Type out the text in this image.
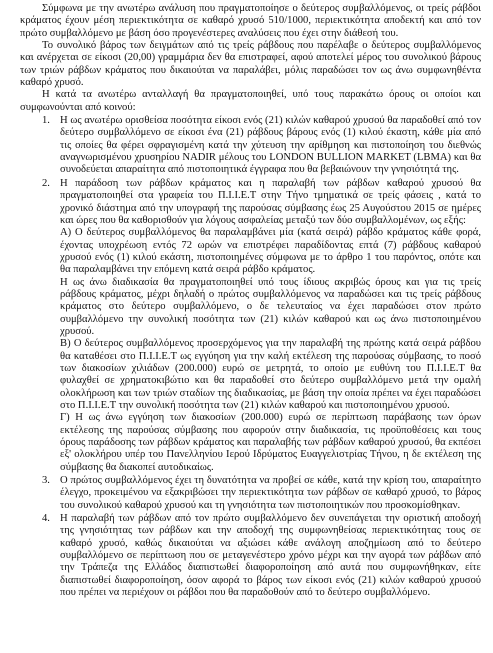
Σύμφωνα με την ανωτέρω ανάλυση που πραγματοποίησε ο δεύτερος συμβαλλόμενος, οι τρείς ράβδοι κράματος έχουν μέση περιεκτικότητα σε καθαρό χρυσό 510/1000, περιεκτικότητα αποδεκτή και από τον πρώτο συμβαλλόμενο με βάση όσο προγενέστερες αναλύσεις που έχει στην διάθεσή του.

Το συνολικό βάρος των δειγμάτων από τις τρείς ράβδους που παρέλαβε ο δεύτερος συμβαλλόμενος και ανέρχεται σε είκοσι (20,00) γραμμάρια δεν θα επιστραφεί, αφού αποτελεί μέρος του συνολικού βάρους των τριών ράβδων κράματος που δικαιούται να παραλάβει, μόλις παραδώσει τον ως άνω συμφωνηθέντα καθαρό χρυσό.

Η κατά τα ανωτέρω ανταλλαγή θα πραγματοποιηθεί, υπό τους παρακάτω όρους οι οποίοι και συμφωνούνται από κοινού:

1. Η ως ανωτέρω ορισθείσα ποσότητα είκοσι ενός (21) κιλών καθαρού χρυσού θα παραδοθεί από τον δεύτερο συμβαλλόμενο σε είκοσι ένα (21) ράβδους βάρους ενός (1) κιλού έκαστη, κάθε μία από τις οποίες θα φέρει σφραγισμένη κατά την χύτευση την αρίθμηση και πιστοποίηση του διεθνώς αναγνωρισμένου χρυσηρίου NADIR μέλους του LONDON BULLION MARKET (LBMA) και θα συνοδεύεται απαραίτητα από πιστοποιητικά έγγραφα που θα βεβαιώνουν την γνησιότητά της.

2. Η παράδοση των ράβδων κράματος και η παραλαβή των ράβδων καθαρού χρυσού θα πραγματοποιηθεί στα γραφεία του Π.Ι.Ι.Ε.Τ στην Τήνο τμηματικά σε τρείς φάσεις , κατά το χρονικό διάστημα από την υπογραφή της παρούσας σύμβασης έως 25 Αυγούστου 2015 σε ημέρες και ώρες που θα καθορισθούν για λόγους ασφαλείας μεταξύ των δύο συμβαλλομένων, ως εξής:

Α) Ο δεύτερος συμβαλλόμενος θα παραλαμβάνει μία (κατά σειρά) ράβδο κράματος κάθε φορά, έχοντας υποχρέωση εντός 72 ωρών να επιστρέφει παραδίδοντας επτά (7) ράβδους καθαρού χρυσού ενός (1) κιλού εκάστη, πιστοποιημένες σύμφωνα με το άρθρο 1 του παρόντος, οπότε και θα παραλαμβάνει την επόμενη κατά σειρά ράβδο κράματος.

Η ως άνω διαδικασία θα πραγματοποιηθεί υπό τους ίδιους ακριβώς όρους και για τις τρείς ράβδους κράματος, μέχρι δηλαδή ο πρώτος συμβαλλόμενος να παραδώσει και τις τρείς ράβδους κράματος στο δεύτερο συμβαλλόμενο, ο δε τελευταίος να έχει παραδώσει στον πρώτο συμβαλλόμενο την συνολική ποσότητα των (21) κιλών καθαρού και ως άνω πιστοποιημένου χρυσού.

Β) Ο δεύτερος συμβαλλόμενος προσερχόμενος για την παραλαβή της πρώτης κατά σειρά ράβδου θα καταθέσει στο Π.Ι.Ι.Ε.Τ ως εγγύηση για την καλή εκτέλεση της παρούσας σύμβασης, το ποσό των διακοσίων χιλιάδων (200.000) ευρώ σε μετρητά, το οποίο με ευθύνη του Π.Ι.Ι.Ε.Τ θα φυλαχθεί σε χρηματοκιβώτιο και θα παραδοθεί στο δεύτερο συμβαλλόμενο μετά την ομαλή ολοκλήρωση και των τριών σταδίων της διαδικασίας, με βάση την οποία πρέπει να έχει παραδώσει στο Π.Ι.Ι.Ε.Τ την συνολική ποσότητα των (21) κιλών καθαρού και πιστοποιημένου χρυσού.

Γ) Η ως άνω εγγύηση των διακοσίων (200.000) ευρώ σε περίπτωση παράβασης των όρων εκτέλεσης της παρούσας σύμβασης που αφορούν στην διαδικασία, τις προϋποθέσεις και τους όρους παράδοσης των ράβδων κράματος και παραλαβής των ράβδων καθαρού χρυσού, θα εκπέσει εξ' ολοκλήρου υπέρ του Πανελληνίου Ιερού Ιδρύματος Ευαγγελιστρίας Τήνου, η δε εκτέλεση της σύμβασης θα διακοπεί αυτοδικαίως.

3. Ο πρώτος συμβαλλόμενος έχει τη δυνατότητα να προβεί σε κάθε, κατά την κρίση του, απαραίτητο έλεγχο, προκειμένου να εξακριβώσει την περιεκτικότητα των ράβδων σε καθαρό χρυσό, το βάρος του συνολικού καθαρού χρυσού και τη γνησιότητα των πιστοποιητικών που προσκομίσθηκαν.

4. Η παραλαβή των ράβδων από τον πρώτο συμβαλλόμενο δεν συνεπάγεται την οριστική αποδοχή της γνησιότητας των ράβδων και την αποδοχή της συμφωνηθείσας περιεκτικότητας τους σε καθαρό χρυσό, καθώς δικαιούται να αξιώσει κάθε ανάλογη αποζημίωση από το δεύτερο συμβαλλόμενο σε περίπτωση που σε μεταγενέστερο χρόνο μέχρι και την αγορά των ράβδων από την Τράπεζα της Ελλάδος διαπιστωθεί διαφοροποίηση από αυτά που συμφωνήθηκαν, είτε διαπιστωθεί διαφοροποίηση, όσον αφορά το βάρος των είκοσι ενός (21) κιλών καθαρού χρυσού που πρέπει να περιέχουν οι ράβδοι που θα παραδοθούν από το δεύτερο συμβαλλόμενο.
